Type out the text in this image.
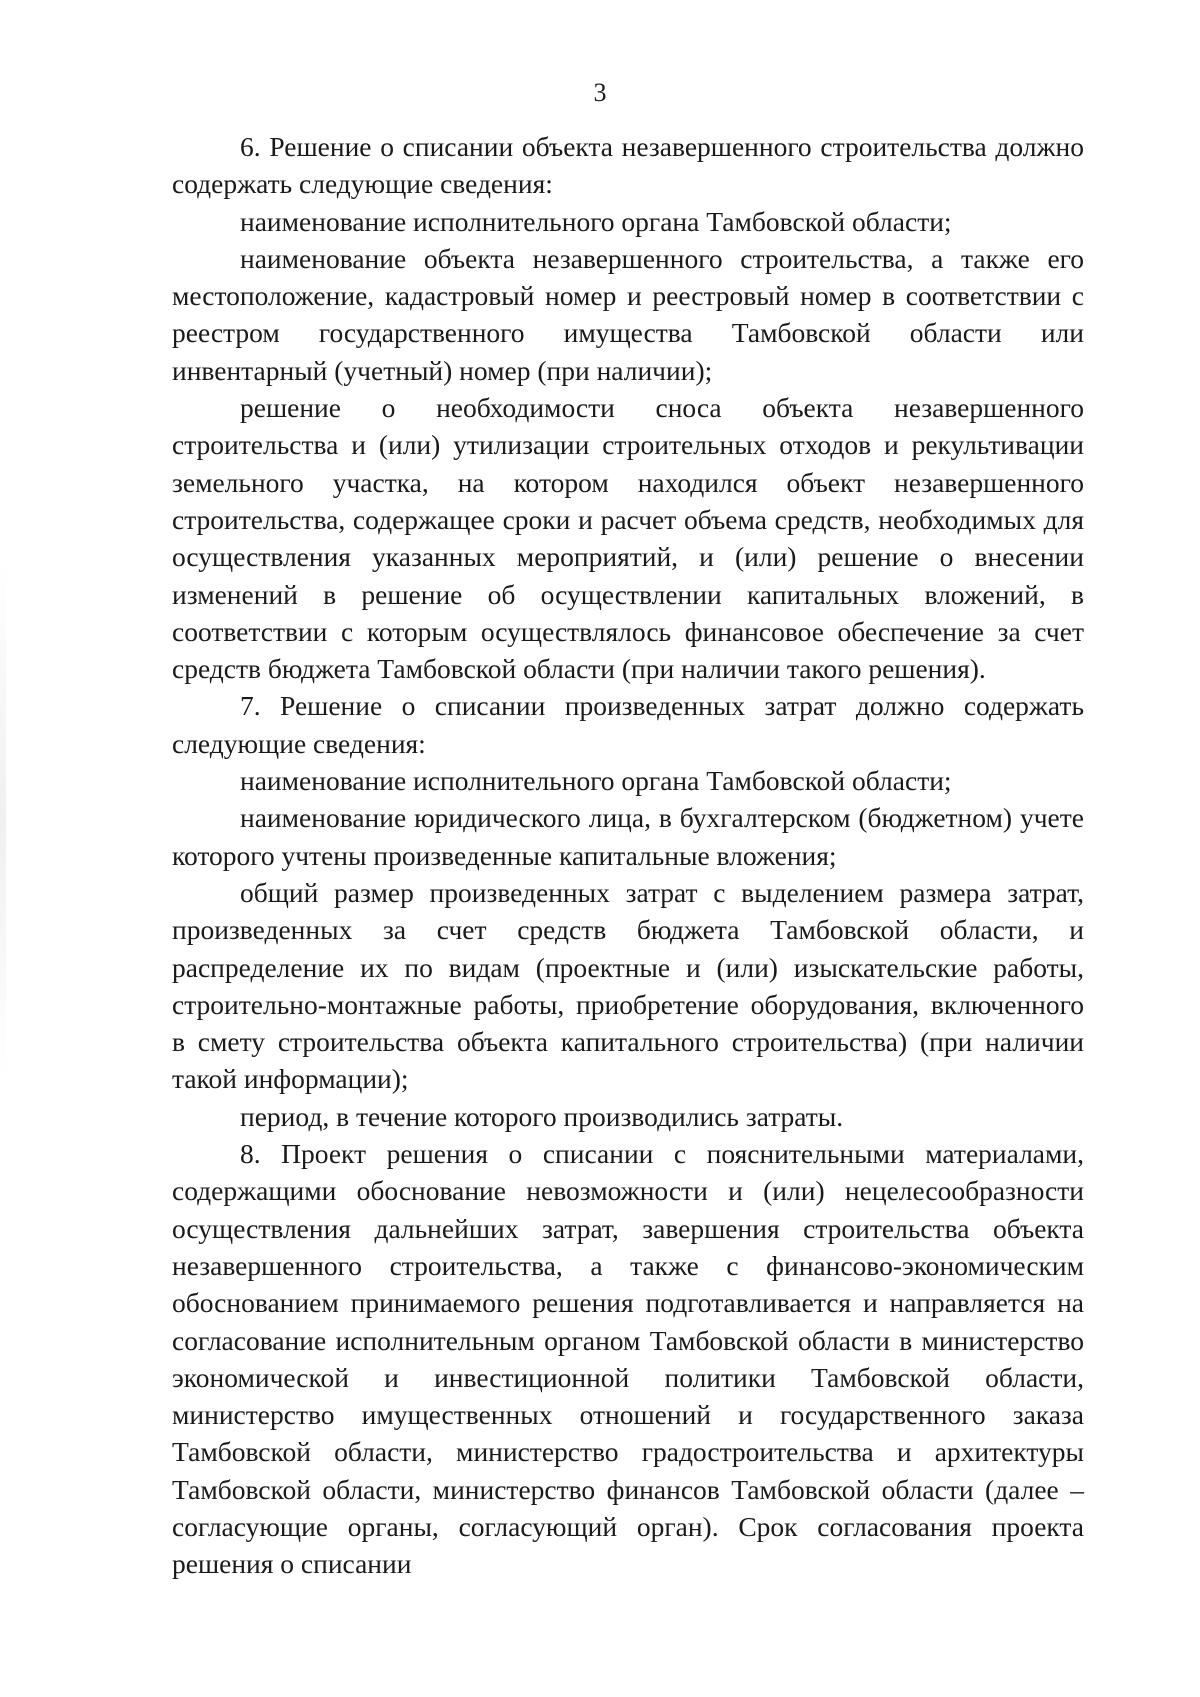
3

6. Решение о списании объекта незавершенного строительства должно содержать следующие сведения:

наименование исполнительного органа Тамбовской области;

наименование объекта незавершенного строительства, а также его местоположение, кадастровый номер и реестровый номер в соответствии с реестром государственного имущества Тамбовской области или инвентарный (учетный) номер (при наличии);

решение о необходимости сноса объекта незавершенного строительства и (или) утилизации строительных отходов и рекультивации земельного участка, на котором находился объект незавершенного строительства, содержащее сроки и расчет объема средств, необходимых для осуществления указанных мероприятий, и (или) решение о внесении изменений в решение об осуществлении капитальных вложений, в соответствии с которым осуществлялось финансовое обеспечение за счет средств бюджета Тамбовской области (при наличии такого решения).

7. Решение о списании произведенных затрат должно содержать следующие сведения:

наименование исполнительного органа Тамбовской области;

наименование юридического лица, в бухгалтерском (бюджетном) учете которого учтены произведенные капитальные вложения;

общий размер произведенных затрат с выделением размера затрат, произведенных за счет средств бюджета Тамбовской области, и распределение их по видам (проектные и (или) изыскательские работы, строительно-монтажные работы, приобретение оборудования, включенного в смету строительства объекта капитального строительства) (при наличии такой информации);

период, в течение которого производились затраты.

8. Проект решения о списании с пояснительными материалами, содержащими обоснование невозможности и (или) нецелесообразности осуществления дальнейших затрат, завершения строительства объекта незавершенного строительства, а также с финансово-экономическим обоснованием принимаемого решения подготавливается и направляется на согласование исполнительным органом Тамбовской области в министерство экономической и инвестиционной политики Тамбовской области, министерство имущественных отношений и государственного заказа Тамбовской области, министерство градостроительства и архитектуры Тамбовской области, министерство финансов Тамбовской области (далее – согласующие органы, согласующий орган). Срок согласования проекта решения о списании
